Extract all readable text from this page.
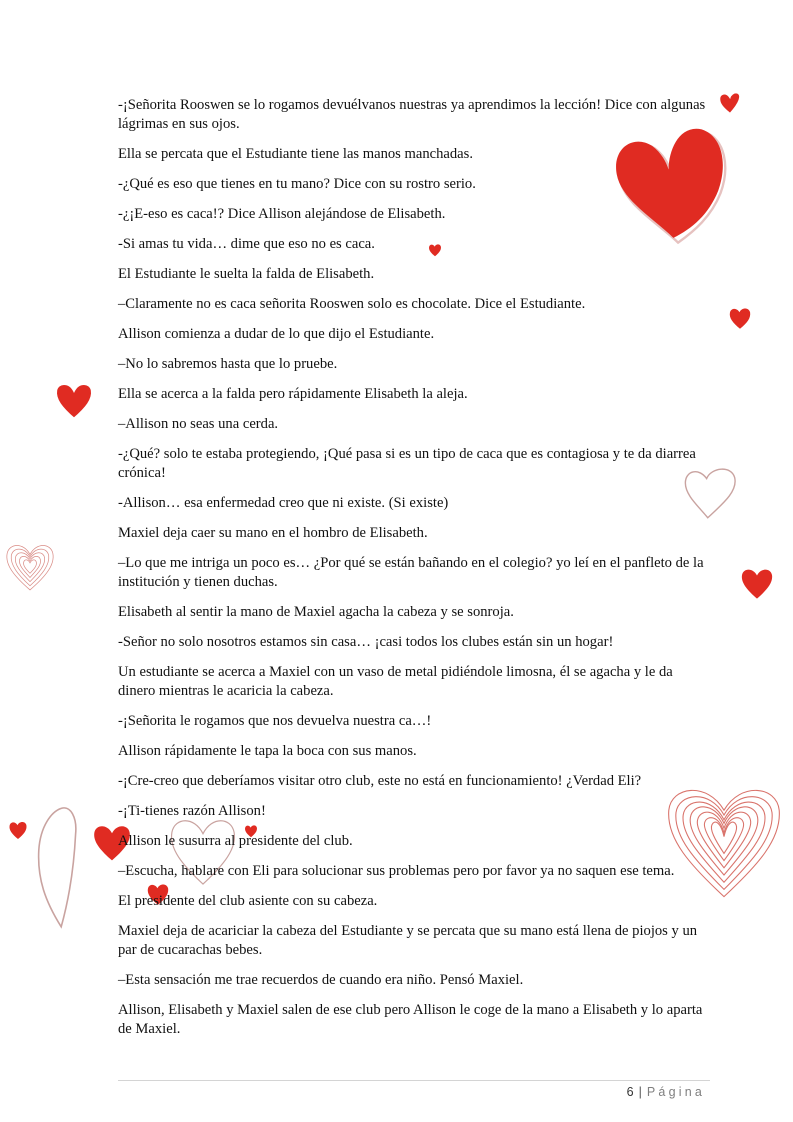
-¡Señorita Rooswen se lo rogamos devuélvanos nuestras ya aprendimos la lección! Dice con algunas lágrimas en sus ojos.

Ella se percata que el Estudiante tiene las manos manchadas.

-¿Qué es eso que tienes en tu mano? Dice con su rostro serio.

-¿¡E-eso es caca!? Dice Allison alejándose de Elisabeth.

-Si amas tu vida… dime que eso no es caca.

El Estudiante le suelta la falda de Elisabeth.

–Claramente no es caca señorita Rooswen solo es chocolate. Dice el Estudiante.

Allison comienza a dudar de lo que dijo el Estudiante.

–No lo sabremos hasta que lo pruebe.

Ella se acerca a la falda pero rápidamente Elisabeth la aleja.

–Allison no seas una cerda.

-¿Qué? solo te estaba protegiendo, ¡Qué pasa si es un tipo de caca que es contagiosa y te da diarrea crónica!

-Allison… esa enfermedad creo que ni existe. (Si existe)

Maxiel deja caer su mano en el hombro de Elisabeth.

–Lo que me intriga un poco es… ¿Por qué se están bañando en el colegio? yo leí en el panfleto de la institución y tienen duchas.

Elisabeth al sentir la mano de Maxiel agacha la cabeza y se sonroja.

-Señor no solo nosotros estamos sin casa… ¡casi todos los clubes están sin un hogar!

Un estudiante se acerca a Maxiel con un vaso de metal pidiéndole limosna, él se agacha y le da dinero mientras le acaricia la cabeza.

-¡Señorita le rogamos que nos devuelva nuestra ca…!

Allison rápidamente le tapa la boca con sus manos.

-¡Cre-creo que deberíamos visitar otro club, este no está en funcionamiento! ¿Verdad Eli?

-¡Ti-tienes razón Allison!

Allison le susurra al presidente del club.

–Escucha, hablare con Eli para solucionar sus problemas pero por favor ya no saquen ese tema.

El presidente del club asiente con su cabeza.

Maxiel deja de acariciar la cabeza del Estudiante y se percata que su mano está llena de piojos y un par de cucarachas bebes.

–Esta sensación me trae recuerdos de cuando era niño. Pensó Maxiel.

Allison, Elisabeth y Maxiel salen de ese club pero Allison le coge de la mano a Elisabeth y lo aparta de Maxiel.

6 | Página
